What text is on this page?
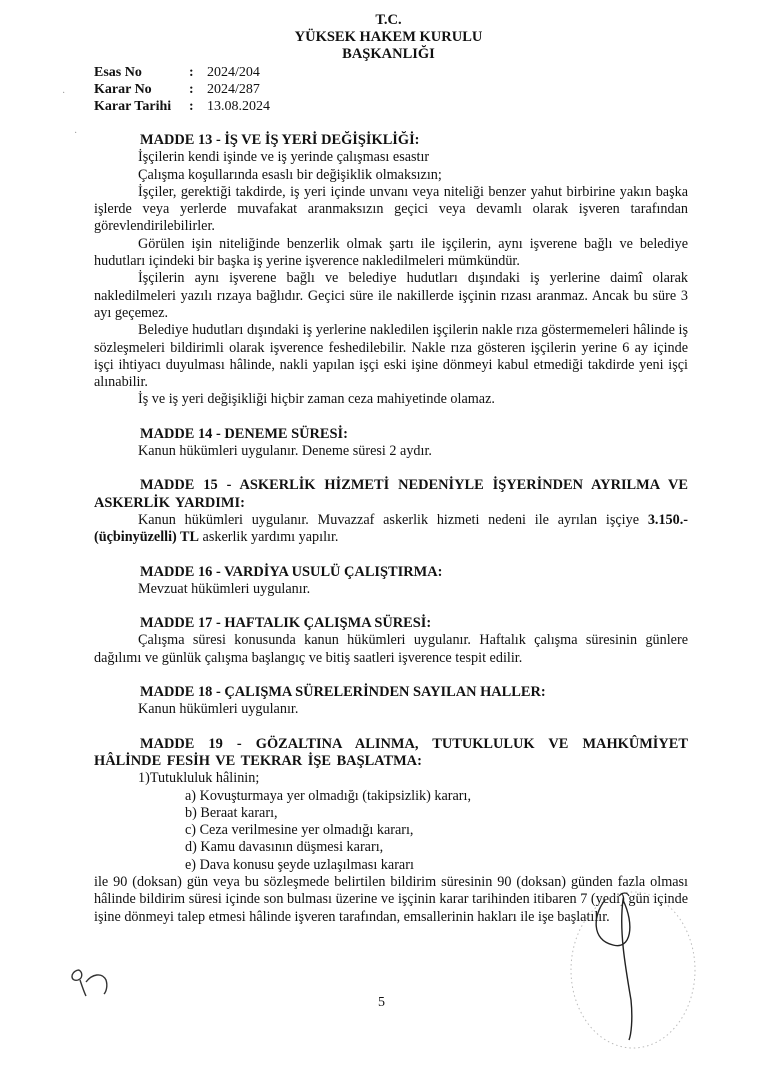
T.C.
YÜKSEK HAKEM KURULU
BAŞKANLIĞI
·
·
Esas No	: 2024/204
Karar No	: 2024/287
Karar Tarihi	: 13.08.2024
MADDE 13 - İŞ VE İŞ YERİ DEĞİŞİKLİĞİ:
İşçilerin kendi işinde ve iş yerinde çalışması esastır
Çalışma koşullarında esaslı bir değişiklik olmaksızın;
İşçiler, gerektiği takdirde, iş yeri içinde unvanı veya niteliği benzer yahut birbirine yakın başka işlerde veya yerlerde muvafakat aranmaksızın geçici veya devamlı olarak işveren tarafından görevlendirilebilirler.
Görülen işin niteliğinde benzerlik olmak şartı ile işçilerin, aynı işverene bağlı ve belediye hudutları içindeki bir başka iş yerine işverence nakledilmeleri mümkündür.
İşçilerin aynı işverene bağlı ve belediye hudutları dışındaki iş yerlerine daimî olarak nakledilmeleri yazılı rızaya bağlıdır. Geçici süre ile nakillerde işçinin rızası aranmaz. Ancak bu süre 3 ayı geçemez.
Belediye hudutları dışındaki iş yerlerine nakledilen işçilerin nakle rıza göstermemeleri hâlinde iş sözleşmeleri bildirimli olarak işverence feshedilebilir. Nakle rıza gösteren işçilerin yerine 6 ay içinde işçi ihtiyacı duyulması hâlinde, nakli yapılan işçi eski işine dönmeyi kabul etmediği takdirde yeni işçi alınabilir.
İş ve iş yeri değişikliği hiçbir zaman ceza mahiyetinde olamaz.
MADDE 14 - DENEME SÜRESİ:
Kanun hükümleri uygulanır. Deneme süresi 2 aydır.
MADDE 15 - ASKERLİK HİZMETİ NEDENİYLE İŞYERİNDEN AYRILMA VE ASKERLİK YARDIMI:
Kanun hükümleri uygulanır. Muvazzaf askerlik hizmeti nedeni ile ayrılan işçiye 3.150.-(üçbinyüzelli) TL askerlik yardımı yapılır.
MADDE 16 - VARDİYA USULÜ ÇALIŞTIRMA:
Mevzuat hükümleri uygulanır.
MADDE 17 - HAFTALIK ÇALIŞMA SÜRESİ:
Çalışma süresi konusunda kanun hükümleri uygulanır. Haftalık çalışma süresinin günlere dağılımı ve günlük çalışma başlangıç ve bitiş saatleri işverence tespit edilir.
MADDE 18 - ÇALIŞMA SÜRELERİNDEN SAYILAN HALLER:
Kanun hükümleri uygulanır.
MADDE 19 - GÖZALTINA ALINMA, TUTUKLULUK VE MAHKÛMİYET HÂLİNDE FESİH VE TEKRAR İŞE BAŞLATMA:
1)Tutukluluk hâlinin;
a) Kovuşturmaya yer olmadığı (takipsizlik) kararı,
b) Beraat kararı,
c) Ceza verilmesine yer olmadığı kararı,
d) Kamu davasının düşmesi kararı,
e) Dava konusu şeyde uzlaşılması kararı
ile 90 (doksan) gün veya bu sözleşmede belirtilen bildirim süresinin 90 (doksan) günden fazla olması hâlinde bildirim süresi içinde son bulması üzerine ve işçinin karar tarihinden itibaren 7 (yedi) gün içinde işine dönmeyi talep etmesi hâlinde işveren tarafından, emsallerinin hakları ile işe başlatılır.
5
